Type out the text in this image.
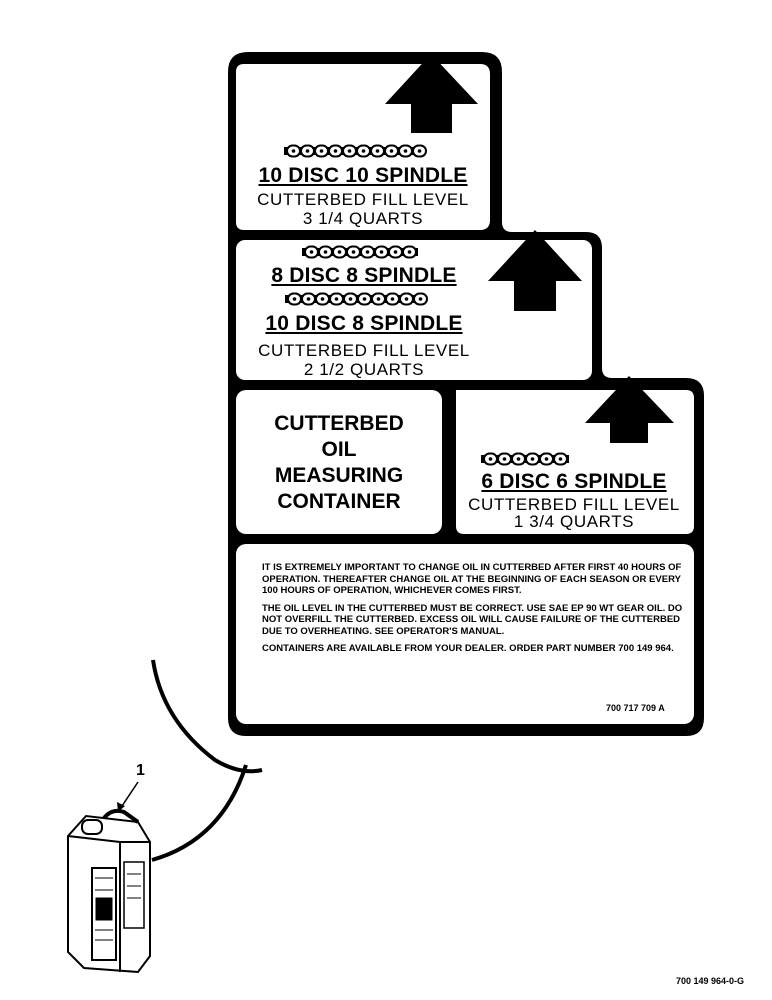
10 DISC 10 SPINDLE
CUTTERBED FILL LEVEL
3 1/4 QUARTS
8 DISC 8 SPINDLE
10 DISC 8 SPINDLE
CUTTERBED FILL LEVEL
2 1/2 QUARTS
CUTTERBED
OIL
MEASURING
CONTAINER
6 DISC 6 SPINDLE
CUTTERBED FILL LEVEL
1 3/4 QUARTS

IT IS EXTREMELY IMPORTANT TO CHANGE OIL IN CUTTERBED AFTER FIRST 40 HOURS OF OPERATION. THEREAFTER CHANGE OIL AT THE BEGINNING OF EACH SEASON OR EVERY 100 HOURS OF OPERATION, WHICHEVER COMES FIRST.

THE OIL LEVEL IN THE CUTTERBED MUST BE CORRECT. USE SAE EP 90 WT GEAR OIL. DO NOT OVERFILL THE CUTTERBED. EXCESS OIL WILL CAUSE FAILURE OF THE CUTTERBED DUE TO OVERHEATING. SEE OPERATOR'S MANUAL.

CONTAINERS ARE AVAILABLE FROM YOUR DEALER. ORDER PART NUMBER 700 149 964.

700 717 709 A
1
700 149 964-0-G
